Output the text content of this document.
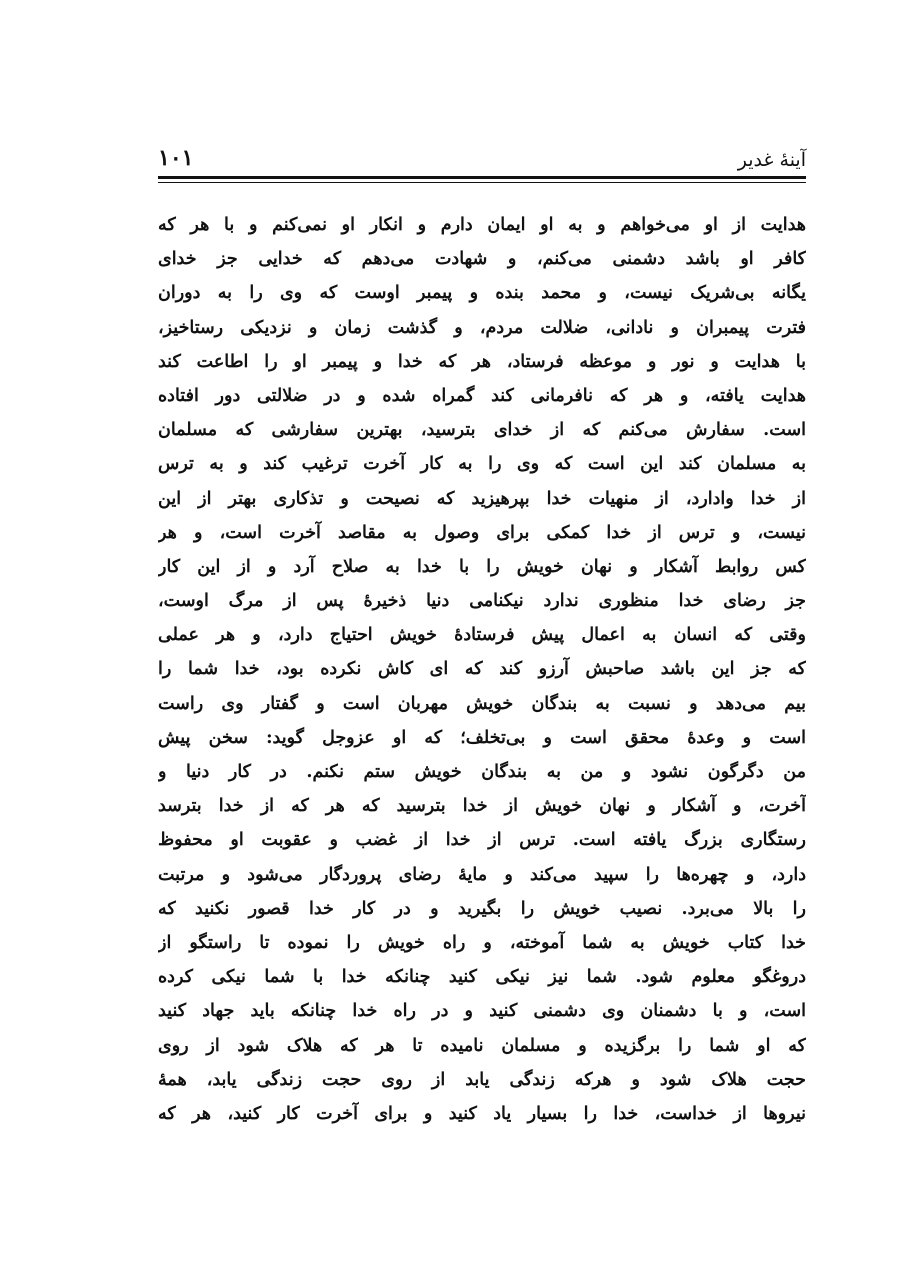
آینۀ غدیر
۱۰۱
هدایت از او می‌خواهم و به او ایمان دارم و انکار او نمی‌کنم و با هر که
کافر او باشد دشمنی می‌کنم، و شهادت می‌دهم که خدایی جز خدای
یگانه بی‌شریک نیست، و محمد بنده و پیمبر اوست که وی را به دوران
فترت پیمبران و نادانی، ضلالت مردم، و گذشت زمان و نزدیکی رستاخیز،
با هدایت و نور و موعظه فرستاد، هر که خدا و پیمبر او را اطاعت کند
هدایت یافته، و هر که نافرمانی کند گمراه شده و در ضلالتی دور افتاده
است. سفارش می‌کنم که از خدای بترسید، بهترین سفارشی که مسلمان
به مسلمان کند این است که وی را به کار آخرت ترغیب کند و به ترس
از خدا وادارد، از منهیات خدا بپرهیزید که نصیحت و تذکاری بهتر از این
نیست، و ترس از خدا کمکی برای وصول به مقاصد آخرت است، و هر
کس روابط آشکار و نهان خویش را با خدا به صلاح آرد و از این کار
جز رضای خدا منظوری ندارد نیکنامی دنیا ذخیرۀ پس از مرگ اوست،
وقتی که انسان به اعمال پیش فرستادۀ خویش احتیاج دارد، و هر عملی
که جز این باشد صاحبش آرزو کند که ای کاش نکرده بود، خدا شما را
بیم می‌دهد و نسبت به بندگان خویش مهربان است و گفتار وی راست
است و وعدۀ محقق است و بی‌تخلف؛ که او عزوجل گوید: سخن پیش
من دگرگون نشود و من به بندگان خویش ستم نکنم. در کار دنیا و
آخرت، و آشکار و نهان خویش از خدا بترسید که هر که از خدا بترسد
رستگاری بزرگ یافته است. ترس از خدا از غضب و عقوبت او محفوظ
دارد، و چهره‌ها را سپید می‌کند و مایۀ رضای پروردگار می‌شود و مرتبت
را بالا می‌برد. نصیب خویش را بگیرید و در کار خدا قصور نکنید که
خدا کتاب خویش به شما آموخته، و راه خویش را نموده تا راستگو از
دروغگو معلوم شود. شما نیز نیکی کنید چنانکه خدا با شما نیکی کرده
است، و با دشمنان وی دشمنی کنید و در راه خدا چنانکه باید جهاد کنید
که او شما را برگزیده و مسلمان نامیده تا هر که هلاک شود از روی
حجت هلاک شود و هرکه زندگی یابد از روی حجت زندگی یابد، همۀ
نیروها از خداست، خدا را بسیار یاد کنید و برای آخرت کار کنید، هر که
